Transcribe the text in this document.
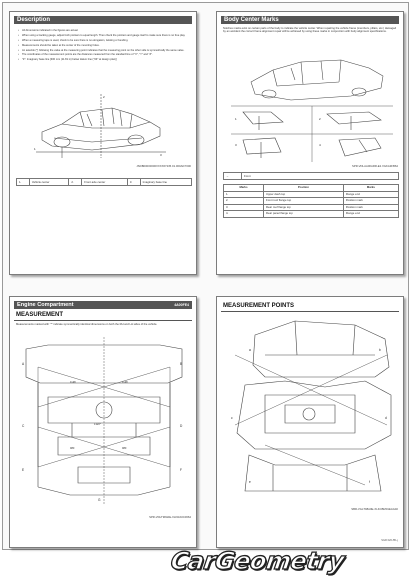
Description
• All dimensions indicated in the figures are actual.
• When using a tracking gauge, adjust both pointers to equal length. Then check the pointers and gauge itself to make sure there is no free play.
• When a measuring tape is used, check to be sure there is no elongation, twisting or bending.
• Measurements should be taken at the center of the mounting holes.
• An asterisk (*) following the value at the measuring point indicates that the measuring point on the other side is symmetrically the same value.
• The coordinates of the measurement points are the distances measured from the standard line of "X", "Y" and "Z".
• "Z": Imaginary base line [300 mm (11.81 in) below datum line ("0Z" at design plan)]
1
2
3
JSDB00000000XXXX67235.01.000A0/7000
1.	Vehicle center	2.	Front axle center	3.	Imaginary base line
Body Center Marks
Notches marks exist on certain parts of the body to indicate the vehicle center. When repairing the vehicle frame (members, pillars, etc.) damaged by an accident the correct frame alignment repair will be achieved by using these marks in conjunction with body alignment specifications.
1	2
3	4
SPR-VDLAA00ARR-E2.XGKA3FB62
→	Front
Marks	Position	Marks
1.	Upper dash top	Flange end
2.	Front roof flange top	Position mark
3.	Rear roof flange top	Position mark
4.	Rear panel flange top	Flange end
Engine Compartment	4A00FE4
MEASUREMENT
Measurements marked with "*" indicate symmetrically identical dimensions on both the RH and LH sides of the vehicle.
A	B
C	D
E	F
G
1148	1148
1320*
980	980
SPR-VDLT98A0E-XLKRA0C0662
MEASUREMENT POINTS
a	b
c	d
e	f
SBR-VGLT98A0E-XLKCBM01EAG40
SGR 020 /B1-j
CarGeometry
